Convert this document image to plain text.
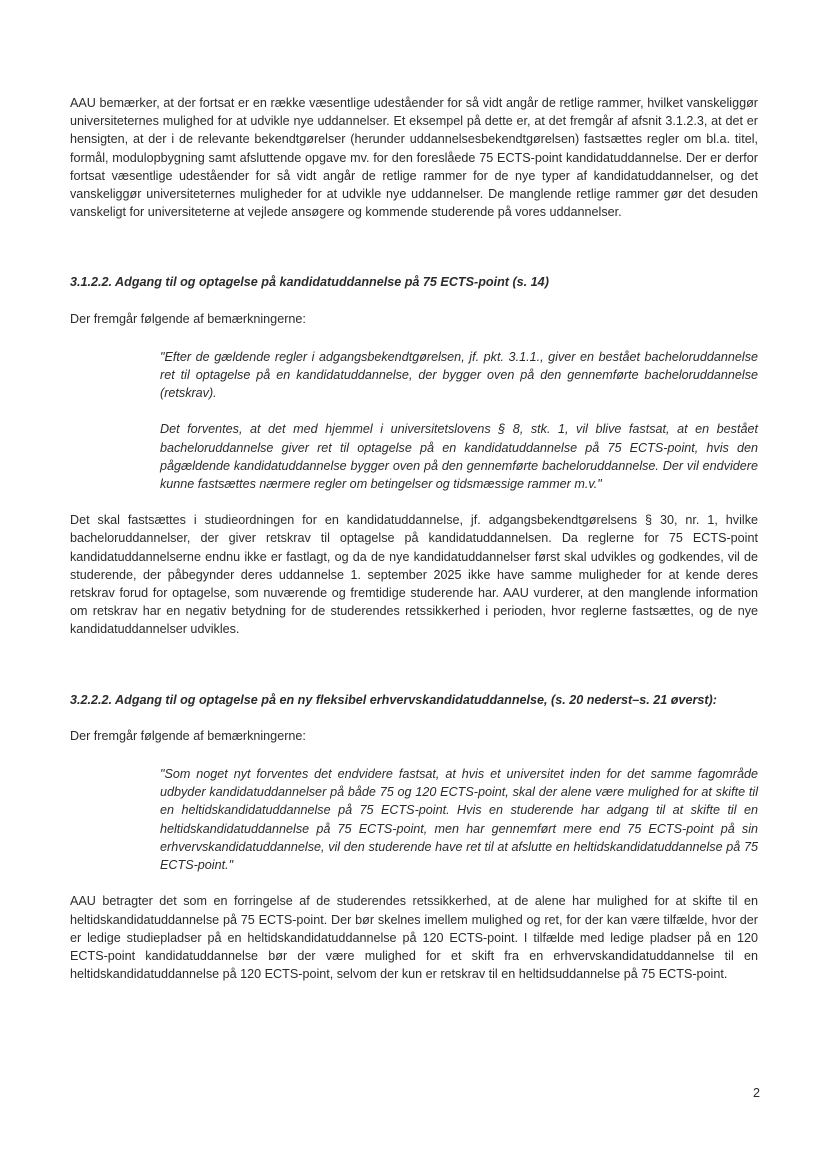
AAU bemærker, at der fortsat er en række væsentlige udeståender for så vidt angår de retlige rammer, hvilket vanskeliggør universiteternes mulighed for at udvikle nye uddannelser. Et eksempel på dette er, at det fremgår af afsnit 3.1.2.3, at det er hensigten, at der i de relevante bekendtgørelser (herunder uddannelsesbekendtgørelsen) fastsættes regler om bl.a. titel, formål, modulopbygning samt afsluttende opgave mv. for den foreslåede 75 ECTS-point kandidatuddannelse. Der er derfor fortsat væsentlige udeståender for så vidt angår de retlige rammer for de nye typer af kandidatuddannelser, og det vanskeliggør universiteternes muligheder for at udvikle nye uddannelser. De manglende retlige rammer gør det desuden vanskeligt for universiteterne at vejlede ansøgere og kommende studerende på vores uddannelser.

3.1.2.2. Adgang til og optagelse på kandidatuddannelse på 75 ECTS-point (s. 14)

Der fremgår følgende af bemærkningerne:

"Efter de gældende regler i adgangsbekendtgørelsen, jf. pkt. 3.1.1., giver en bestået bacheloruddannelse ret til optagelse på en kandidatuddannelse, der bygger oven på den gennemførte bacheloruddannelse (retskrav).

Det forventes, at det med hjemmel i universitetslovens § 8, stk. 1, vil blive fastsat, at en bestået bacheloruddannelse giver ret til optagelse på en kandidatuddannelse på 75 ECTS-point, hvis den pågældende kandidatuddannelse bygger oven på den gennemførte bacheloruddannelse. Der vil endvidere kunne fastsættes nærmere regler om betingelser og tidsmæssige rammer m.v."

Det skal fastsættes i studieordningen for en kandidatuddannelse, jf. adgangsbekendtgørelsens § 30, nr. 1, hvilke bacheloruddannelser, der giver retskrav til optagelse på kandidatuddannelsen. Da reglerne for 75 ECTS-point kandidatuddannelserne endnu ikke er fastlagt, og da de nye kandidatuddannelser først skal udvikles og godkendes, vil de studerende, der påbegynder deres uddannelse 1. september 2025 ikke have samme muligheder for at kende deres retskrav forud for optagelse, som nuværende og fremtidige studerende har. AAU vurderer, at den manglende information om retskrav har en negativ betydning for de studerendes retssikkerhed i perioden, hvor reglerne fastsættes, og de nye kandidatuddannelser udvikles.

3.2.2.2. Adgang til og optagelse på en ny fleksibel erhvervskandidatuddannelse, (s. 20 nederst–s. 21 øverst):

Der fremgår følgende af bemærkningerne:

"Som noget nyt forventes det endvidere fastsat, at hvis et universitet inden for det samme fagområde udbyder kandidatuddannelser på både 75 og 120 ECTS-point, skal der alene være mulighed for at skifte til en heltidskandidatuddannelse på 75 ECTS-point. Hvis en studerende har adgang til at skifte til en heltidskandidatuddannelse på 75 ECTS-point, men har gennemført mere end 75 ECTS-point på sin erhvervskandidatuddannelse, vil den studerende have ret til at afslutte en heltidskandidatuddannelse på 75 ECTS-point."

AAU betragter det som en forringelse af de studerendes retssikkerhed, at de alene har mulighed for at skifte til en heltidskandidatuddannelse på 75 ECTS-point. Der bør skelnes imellem mulighed og ret, for der kan være tilfælde, hvor der er ledige studiepladser på en heltidskandidatuddannelse på 120 ECTS-point. I tilfælde med ledige pladser på en 120 ECTS-point kandidatuddannelse bør der være mulighed for et skift fra en erhvervskandidatuddannelse til en heltidskandidatuddannelse på 120 ECTS-point, selvom der kun er retskrav til en heltidsuddannelse på 75 ECTS-point.

2
